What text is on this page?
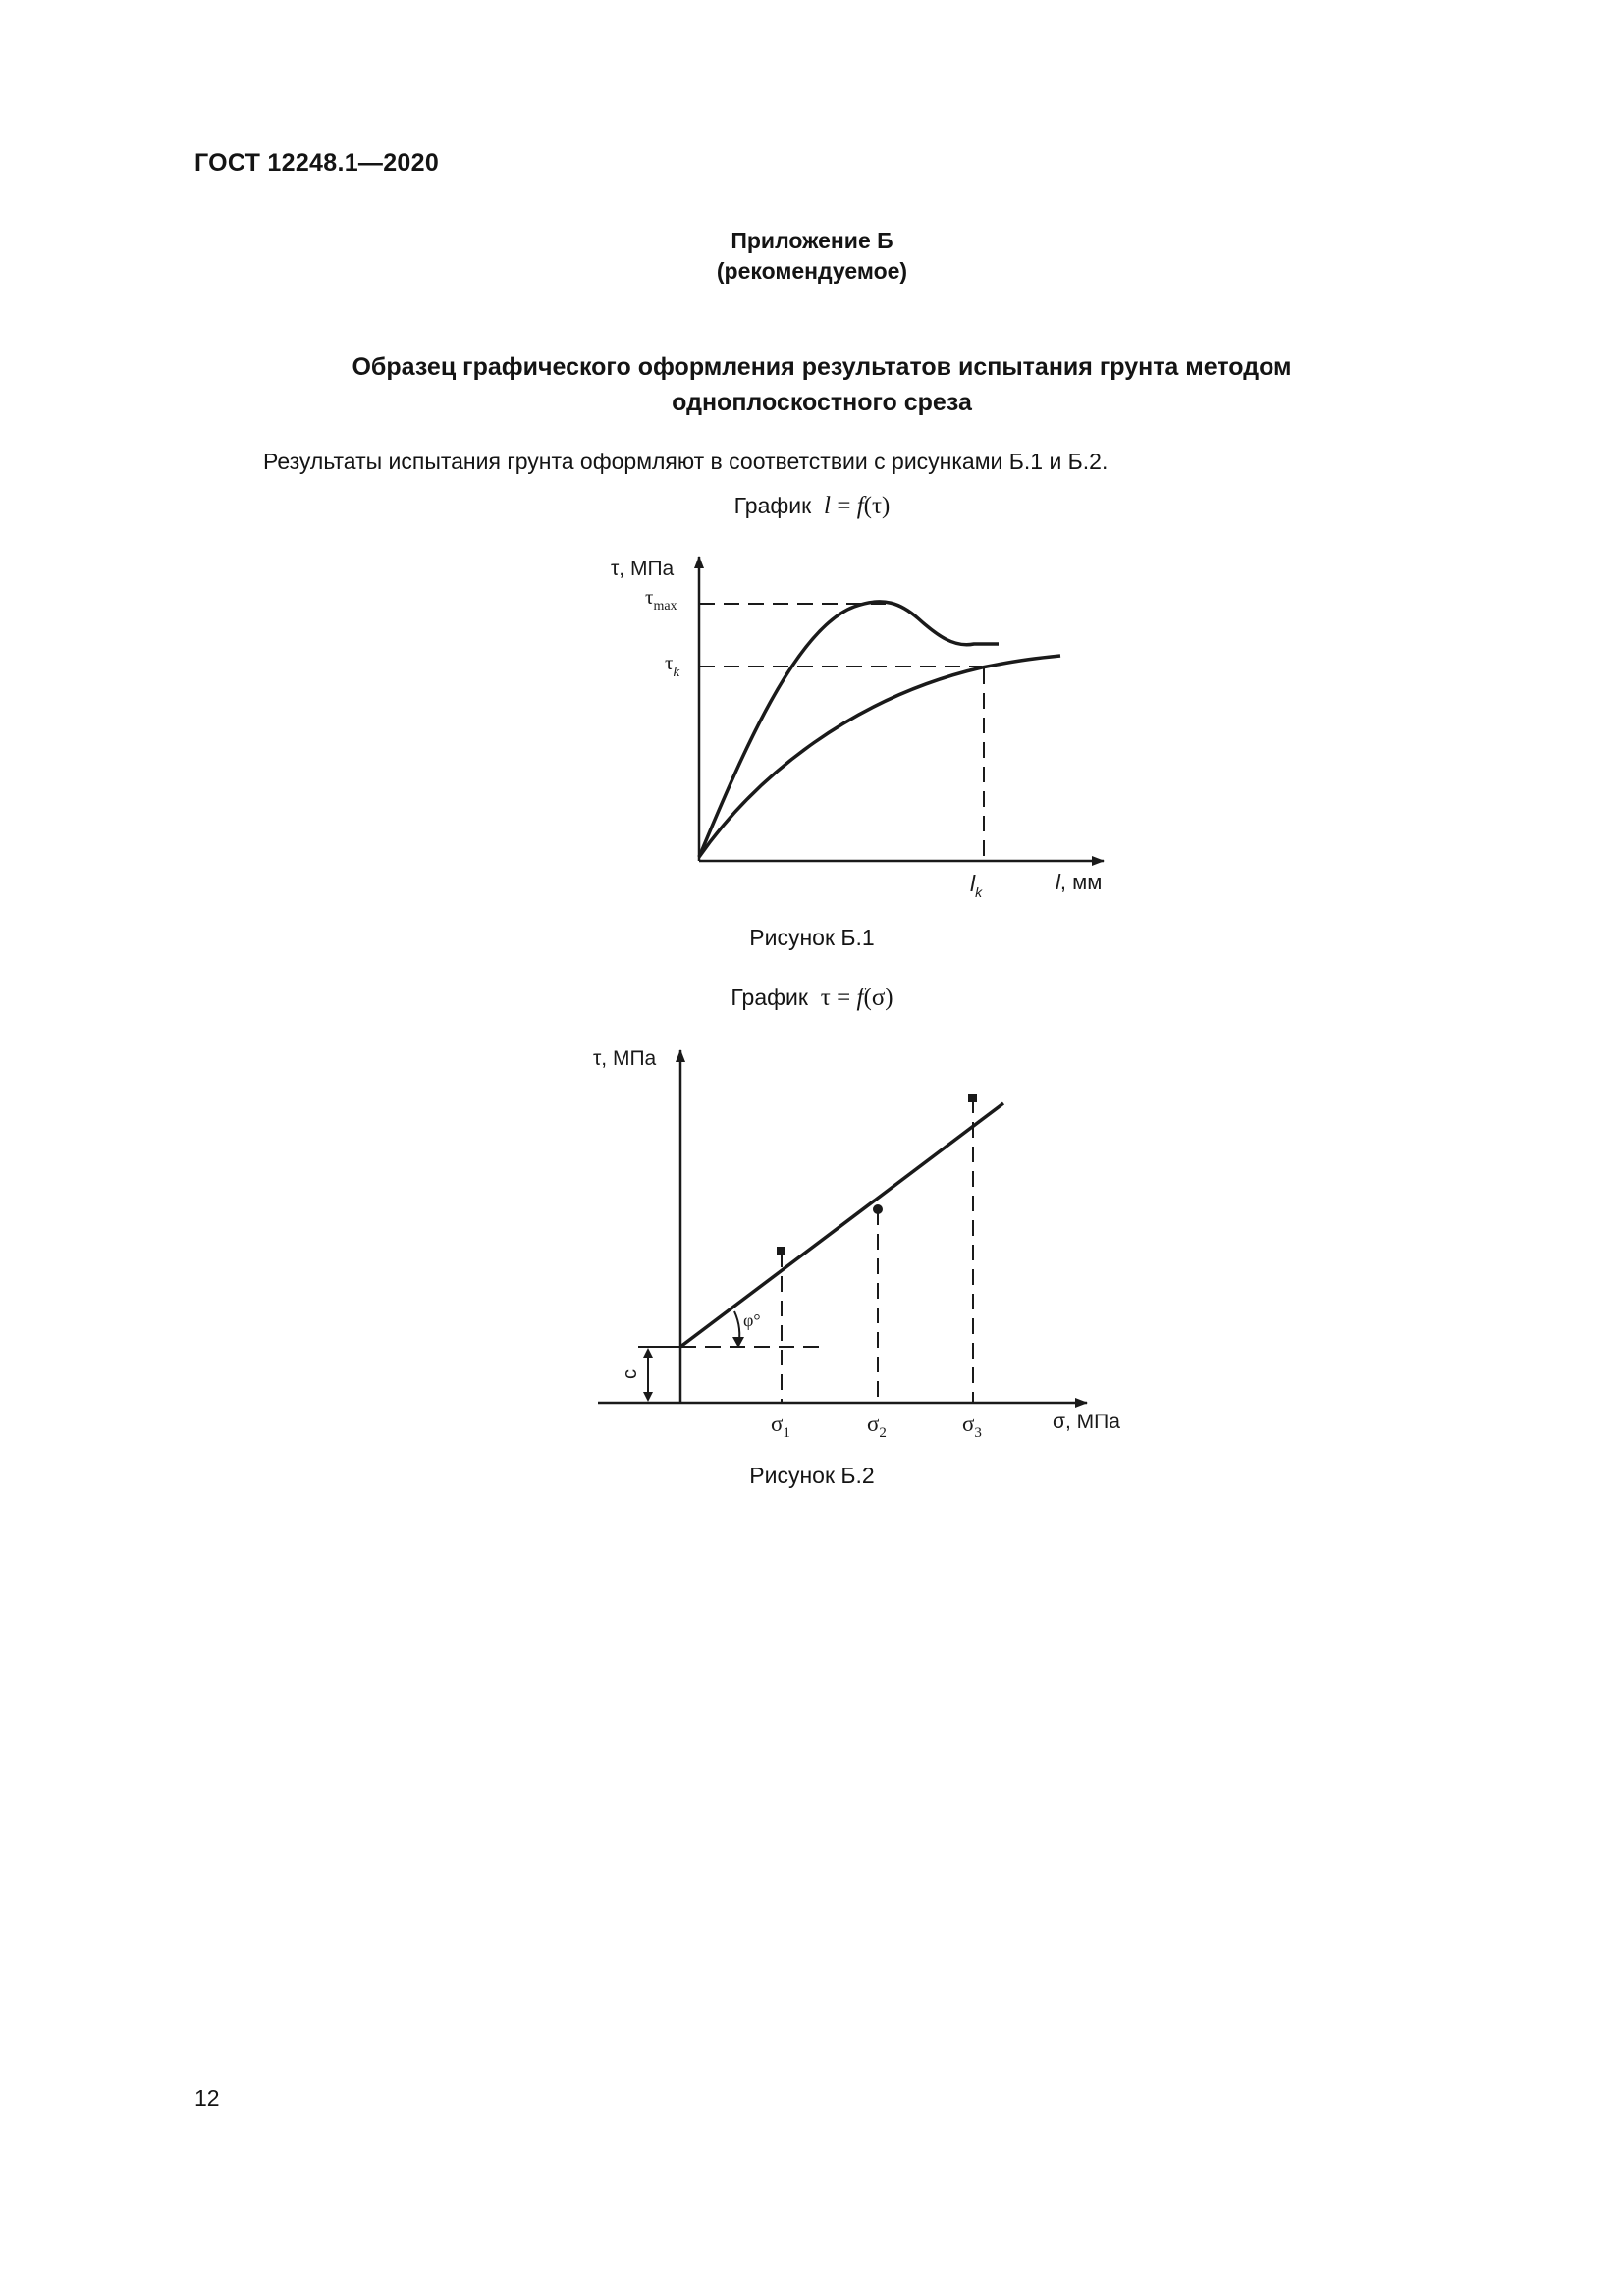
ГОСТ 12248.1—2020
Приложение Б
(рекомендуемое)
Образец графического оформления результатов испытания грунта методом одноплоскостного среза
Результаты испытания грунта оформляют в соответствии с рисунками Б.1 и Б.2.
График l = f(τ)
τ, МПа
$\tau_{max}$
$\tau_k$
$l_k$	l, мм
Рисунок Б.1
График τ = f(σ)
c
φ°
τ, МПа
$\sigma_1$	$\sigma_2$	$\sigma_3$	σ, МПа
Рисунок Б.2
12
